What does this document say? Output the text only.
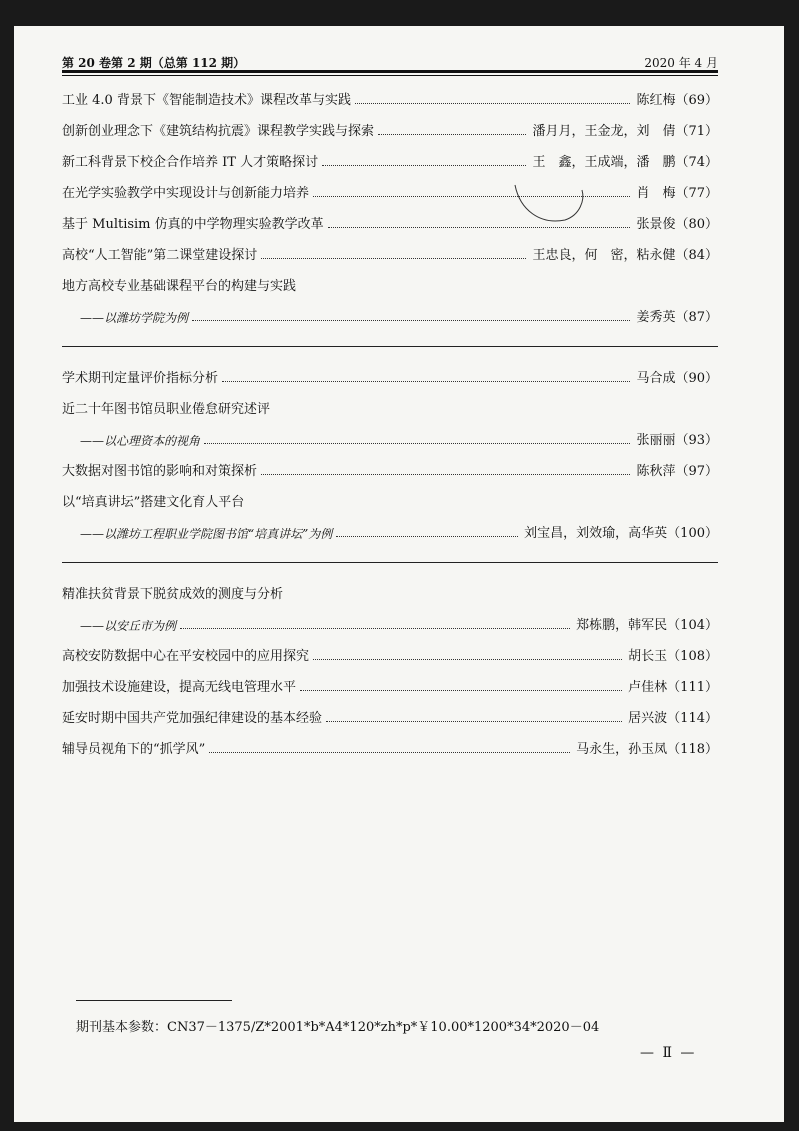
第 20 卷第 2 期（总第 112 期）	2020 年 4 月
工业 4.0 背景下《智能制造技术》课程改革与实践	陈红梅（69）
创新创业理念下《建筑结构抗震》课程教学实践与探索	潘月月，王金龙，刘　倩（71）
新工科背景下校企合作培养 IT 人才策略探讨	王　鑫，王成端，潘　鹏（74）
在光学实验教学中实现设计与创新能力培养	肖　梅（77）
基于 Multisim 仿真的中学物理实验教学改革	张景俊（80）
高校“人工智能”第二课堂建设探讨	王忠良，何　密，粘永健（84）
地方高校专业基础课程平台的构建与实践
——以潍坊学院为例	姜秀英（87）
学术期刊定量评价指标分析	马合成（90）
近二十年图书馆员职业倦怠研究述评
——以心理资本的视角	张丽丽（93）
大数据对图书馆的影响和对策探析	陈秋萍（97）
以“培真讲坛”搭建文化育人平台
——以潍坊工程职业学院图书馆“培真讲坛”为例	刘宝昌，刘效瑜，高华英（100）
精准扶贫背景下脱贫成效的测度与分析
——以安丘市为例	郑栋鹏，韩军民（104）
高校安防数据中心在平安校园中的应用探究	胡长玉（108）
加强技术设施建设，提高无线电管理水平	卢佳林（111）
延安时期中国共产党加强纪律建设的基本经验	居兴波（114）
辅导员视角下的“抓学风”	马永生，孙玉凤（118）
期刊基本参数：CN37－1375/Z*2001*b*A4*120*zh*p*￥10.00*1200*34*2020－04
— Ⅱ —
